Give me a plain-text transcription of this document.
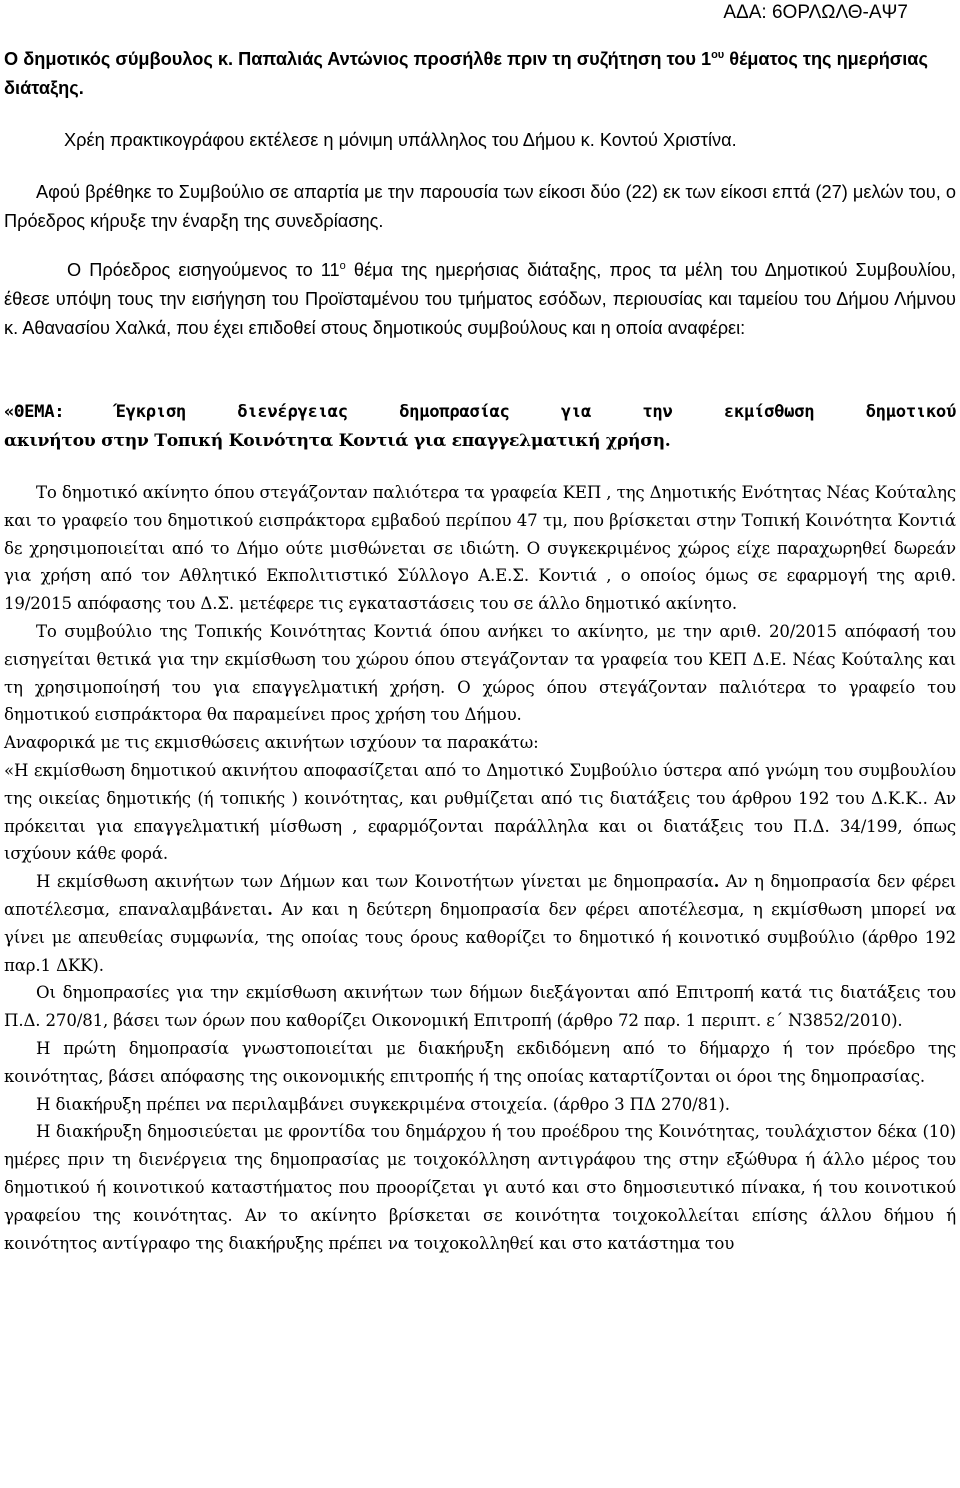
ΑΔΑ: 6ΟΡΛΩΛΘ-ΑΨ7
Ο δημοτικός σύμβουλος κ. Παπαλιάς Αντώνιος προσήλθε πριν τη συζήτηση του $1^{o\upsilon}$ θέματος της ημερήσιας διάταξης.
Χρέη πρακτικογράφου εκτέλεσε η μόνιμη υπάλληλος του Δήμου κ. Κοντού Χριστίνα.
Αφού βρέθηκε το Συμβούλιο σε απαρτία με την παρουσία των είκοσι δύο (22) εκ των είκοσι επτά (27) μελών του, ο Πρόεδρος κήρυξε την έναρξη της συνεδρίασης.
Ο Πρόεδρος εισηγούμενος το $11^o$ θέμα της ημερήσιας διάταξης, προς τα μέλη του Δημοτικού Συμβουλίου, έθεσε υπόψη τους την εισήγηση του Προϊσταμένου του τμήματος εσόδων, περιουσίας και ταμείου του Δήμου Λήμνου κ. Αθανασίου Χαλκά, που έχει επιδοθεί στους δημοτικούς συμβούλους και η οποία αναφέρει:
«ΘΕΜΑ: Έγκριση διενέργειας δημοπρασίας για την εκμίσθωση δημοτικού
ακινήτου στην Τοπική Κοινότητα Κοντιά για επαγγελματική χρήση.

Το δημοτικό ακίνητο όπου στεγάζονταν παλιότερα τα γραφεία ΚΕΠ , της Δημοτικής Ενότητας Νέας Κούταλης και το γραφείο του δημοτικού εισπράκτορα εμβαδού περίπου 47 τμ, που βρίσκεται στην Τοπική Κοινότητα Κοντιά δε χρησιμοποιείται από το Δήμο ούτε μισθώνεται σε ιδιώτη. Ο συγκεκριμένος χώρος είχε παραχωρηθεί δωρεάν για χρήση από τον Αθλητικό Εκπολιτιστικό Σύλλογο Α.Ε.Σ. Κοντιά , ο οποίος όμως σε εφαρμογή της αριθ. 19/2015 απόφασης του Δ.Σ. μετέφερε τις εγκαταστάσεις του σε άλλο δημοτικό ακίνητο.

Το συμβούλιο της Τοπικής Κοινότητας Κοντιά όπου ανήκει το ακίνητο, με την αριθ. 20/2015 απόφασή του εισηγείται θετικά για την εκμίσθωση του χώρου όπου στεγάζονταν τα γραφεία του ΚΕΠ Δ.Ε. Νέας Κούταλης και τη χρησιμοποίησή του για επαγγελματική χρήση. Ο χώρος όπου στεγάζονταν παλιότερα το γραφείο του δημοτικού εισπράκτορα θα παραμείνει προς χρήση του Δήμου.

Αναφορικά με τις εκμισθώσεις ακινήτων ισχύουν τα παρακάτω:

«Η εκμίσθωση δημοτικού ακινήτου αποφασίζεται από το Δημοτικό Συμβούλιο ύστερα από γνώμη του συμβουλίου της οικείας δημοτικής (ή τοπικής ) κοινότητας, και ρυθμίζεται από τις διατάξεις του άρθρου 192 του Δ.Κ.Κ.. Αν πρόκειται για επαγγελματική μίσθωση , εφαρμόζονται παράλληλα και οι διατάξεις του Π.Δ. 34/199, όπως ισχύουν κάθε φορά.

Η εκμίσθωση ακινήτων των Δήμων και των Κοινοτήτων γίνεται με δημοπρασία. Αν η δημοπρασία δεν φέρει αποτέλεσμα, επαναλαμβάνεται. Αν και η δεύτερη δημοπρασία δεν φέρει αποτέλεσμα, η εκμίσθωση μπορεί να γίνει με απευθείας συμφωνία, της οποίας τους όρους καθορίζει το δημοτικό ή κοινοτικό συμβούλιο (άρθρο 192 παρ.1 ΔΚΚ).

Οι δημοπρασίες για την εκμίσθωση ακινήτων των δήμων διεξάγονται από Επιτροπή κατά τις διατάξεις του Π.Δ. 270/81, βάσει των όρων που καθορίζει Οικονομική Επιτροπή (άρθρο 72 παρ. 1 περιπτ. ε΄ Ν3852/2010).

Η πρώτη δημοπρασία γνωστοποιείται με διακήρυξη εκδιδόμενη από το δήμαρχο ή τον πρόεδρο της κοινότητας, βάσει απόφασης της οικονομικής επιτροπής ή της οποίας καταρτίζονται οι όροι της δημοπρασίας.

Η διακήρυξη πρέπει να περιλαμβάνει συγκεκριμένα στοιχεία. (άρθρο 3 ΠΔ 270/81).

Η διακήρυξη δημοσιεύεται με φροντίδα του δημάρχου ή του προέδρου της Κοινότητας, τουλάχιστον δέκα (10) ημέρες πριν τη διενέργεια της δημοπρασίας με τοιχοκόλληση αντιγράφου της στην εξώθυρα ή άλλο μέρος του δημοτικού ή κοινοτικού καταστήματος που προορίζεται γι αυτό και στο δημοσιευτικό πίνακα, ή του κοινοτικού γραφείου της κοινότητας. Αν το ακίνητο βρίσκεται σε κοινότητα τοιχοκολλείται επίσης άλλου δήμου ή κοινότητος αντίγραφο της διακήρυξης πρέπει να τοιχοκολληθεί και στο κατάστημα του
